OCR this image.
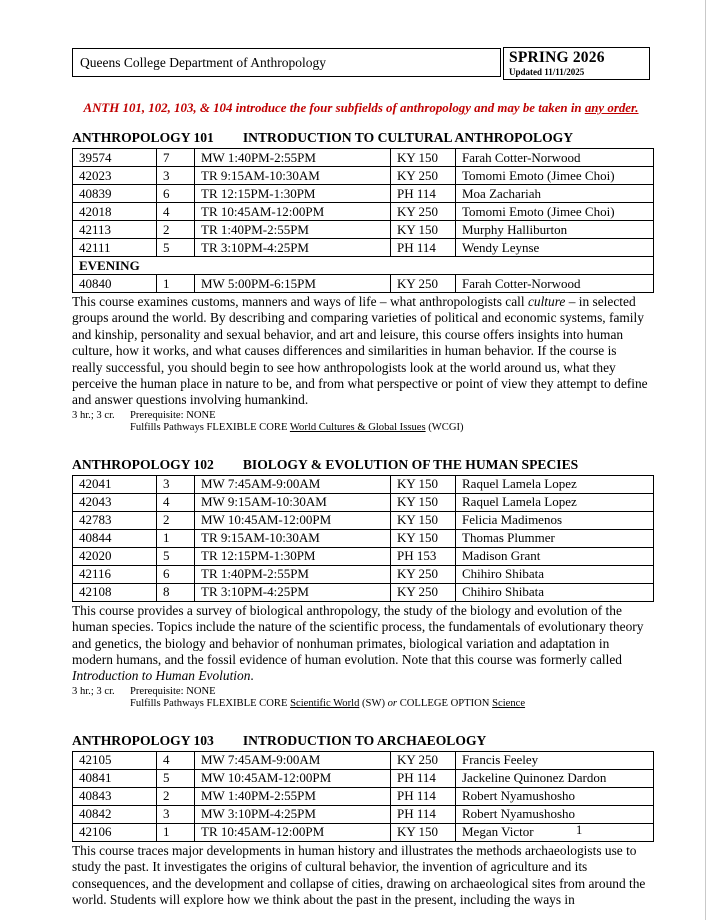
Queens College Department of Anthropology	SPRING 2026
Updated 11/11/2025
ANTH 101, 102, 103, & 104 introduce the four subfields of anthropology and may be taken in any order.
ANTHROPOLOGY 101 INTRODUCTION TO CULTURAL ANTHROPOLOGY
39574	7	MW 1:40PM-2:55PM	KY 150	Farah Cotter-Norwood
42023	3	TR 9:15AM-10:30AM	KY 250	Tomomi Emoto (Jimee Choi)
40839	6	TR 12:15PM-1:30PM	PH 114	Moa Zachariah
42018	4	TR 10:45AM-12:00PM	KY 250	Tomomi Emoto (Jimee Choi)
42113	2	TR 1:40PM-2:55PM	KY 150	Murphy Halliburton
42111	5	TR 3:10PM-4:25PM	PH 114	Wendy Leynse
EVENING				
40840	1	MW 5:00PM-6:15PM	KY 250	Farah Cotter-Norwood

This course examines customs, manners and ways of life – what anthropologists call culture – in selected groups around the world. By describing and comparing varieties of political and economic systems, family and kinship, personality and sexual behavior, and art and leisure, this course offers insights into human culture, how it works, and what causes differences and similarities in human behavior. If the course is really successful, you should begin to see how anthropologists look at the world around us, what they perceive the human place in nature to be, and from what perspective or point of view they attempt to define and answer questions involving humankind.

3 hr.; 3 cr.	Prerequisite: NONE
Fulfills Pathways FLEXIBLE CORE World Cultures & Global Issues (WCGI)
ANTHROPOLOGY 102 BIOLOGY & EVOLUTION OF THE HUMAN SPECIES
42041	3	MW 7:45AM-9:00AM	KY 150	Raquel Lamela Lopez
42043	4	MW 9:15AM-10:30AM	KY 150	Raquel Lamela Lopez
42783	2	MW 10:45AM-12:00PM	KY 150	Felicia Madimenos
40844	1	TR 9:15AM-10:30AM	KY 150	Thomas Plummer
42020	5	TR 12:15PM-1:30PM	PH 153	Madison Grant
42116	6	TR 1:40PM-2:55PM	KY 250	Chihiro Shibata
42108	8	TR 3:10PM-4:25PM	KY 250	Chihiro Shibata

This course provides a survey of biological anthropology, the study of the biology and evolution of the human species. Topics include the nature of the scientific process, the fundamentals of evolutionary theory and genetics, the biology and behavior of nonhuman primates, biological variation and adaptation in modern humans, and the fossil evidence of human evolution. Note that this course was formerly called Introduction to Human Evolution.

3 hr.; 3 cr.	Prerequisite: NONE
Fulfills Pathways FLEXIBLE CORE Scientific World (SW) or COLLEGE OPTION Science
ANTHROPOLOGY 103 INTRODUCTION TO ARCHAEOLOGY
42105	4	MW 7:45AM-9:00AM	KY 250	Francis Feeley
40841	5	MW 10:45AM-12:00PM	PH 114	Jackeline Quinonez Dardon
40843	2	MW 1:40PM-2:55PM	PH 114	Robert Nyamushosho
40842	3	MW 3:10PM-4:25PM	PH 114	Robert Nyamushosho
42106	1	TR 10:45AM-12:00PM	KY 150	Megan Victor

This course traces major developments in human history and illustrates the methods archaeologists use to study the past. It investigates the origins of cultural behavior, the invention of agriculture and its consequences, and the development and collapse of cities, drawing on archaeological sites from around the world. Students will explore how we think about the past in the present, including the ways in

1
